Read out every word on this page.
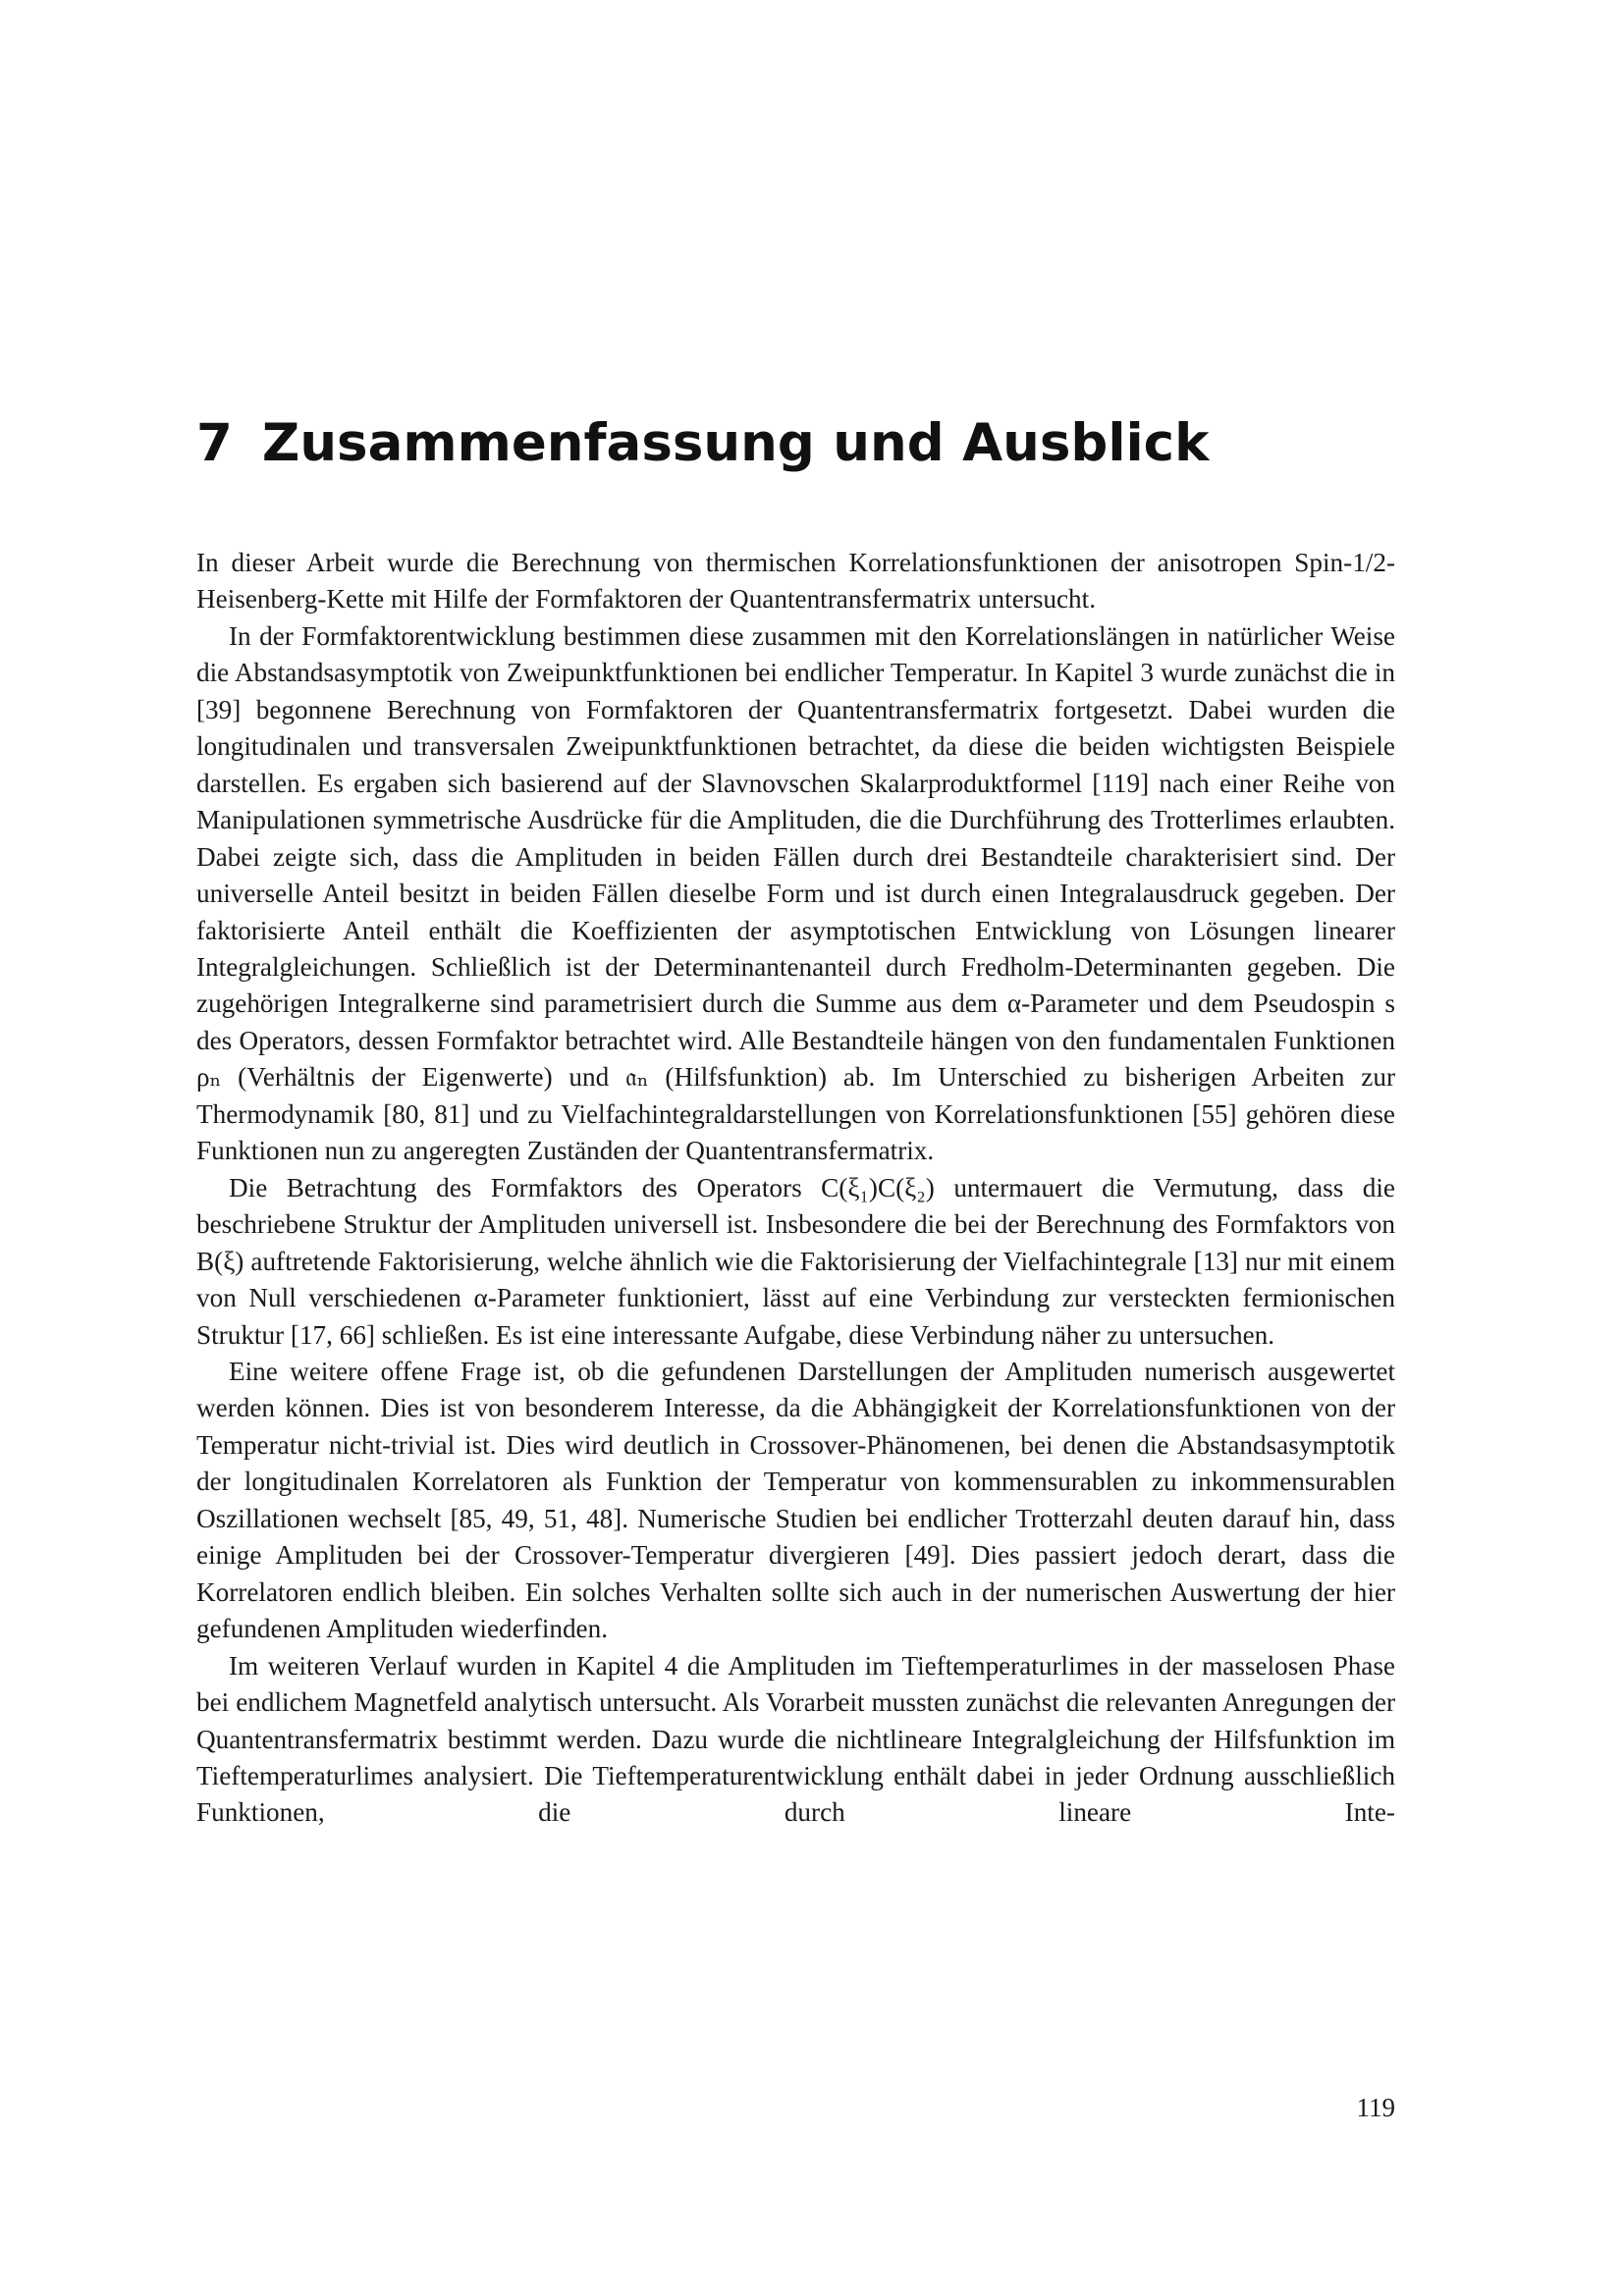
7 Zusammenfassung und Ausblick

In dieser Arbeit wurde die Berechnung von thermischen Korrelationsfunktionen der anisotropen Spin-1/2-Heisenberg-Kette mit Hilfe der Formfaktoren der Quantentransfermatrix untersucht.

In der Formfaktorentwicklung bestimmen diese zusammen mit den Korrelationslängen in natürlicher Weise die Abstandsasymptotik von Zweipunktfunktionen bei endlicher Temperatur. In Kapitel 3 wurde zunächst die in [39] begonnene Berechnung von Formfaktoren der Quantentransfermatrix fortgesetzt. Dabei wurden die longitudinalen und transversalen Zweipunktfunktionen betrachtet, da diese die beiden wichtigsten Beispiele darstellen. Es ergaben sich basierend auf der Slavnovschen Skalarproduktformel [119] nach einer Reihe von Manipulationen symmetrische Ausdrücke für die Amplituden, die die Durchführung des Trotterlimes erlaubten. Dabei zeigte sich, dass die Amplituden in beiden Fällen durch drei Bestandteile charakterisiert sind. Der universelle Anteil besitzt in beiden Fällen dieselbe Form und ist durch einen Integralausdruck gegeben. Der faktorisierte Anteil enthält die Koeffizienten der asymptotischen Entwicklung von Lösungen linearer Integralgleichungen. Schließlich ist der Determinantenanteil durch Fredholm-Determinanten gegeben. Die zugehörigen Integralkerne sind parametrisiert durch die Summe aus dem α-Parameter und dem Pseudospin s des Operators, dessen Formfaktor betrachtet wird. Alle Bestandteile hängen von den fundamentalen Funktionen ρₙ (Verhältnis der Eigenwerte) und 𝔞ₙ (Hilfsfunktion) ab. Im Unterschied zu bisherigen Arbeiten zur Thermodynamik [80, 81] und zu Vielfachintegraldarstellungen von Korrelationsfunktionen [55] gehören diese Funktionen nun zu angeregten Zuständen der Quantentransfermatrix.

Die Betrachtung des Formfaktors des Operators C(ξ₁)C(ξ₂) untermauert die Vermutung, dass die beschriebene Struktur der Amplituden universell ist. Insbesondere die bei der Berechnung des Formfaktors von B(ξ) auftretende Faktorisierung, welche ähnlich wie die Faktorisierung der Vielfachintegrale [13] nur mit einem von Null verschiedenen α-Parameter funktioniert, lässt auf eine Verbindung zur versteckten fermionischen Struktur [17, 66] schließen. Es ist eine interessante Aufgabe, diese Verbindung näher zu untersuchen.

Eine weitere offene Frage ist, ob die gefundenen Darstellungen der Amplituden numerisch ausgewertet werden können. Dies ist von besonderem Interesse, da die Abhängigkeit der Korrelationsfunktionen von der Temperatur nicht-trivial ist. Dies wird deutlich in Crossover-Phänomenen, bei denen die Abstandsasymptotik der longitudinalen Korrelatoren als Funktion der Temperatur von kommensurablen zu inkommensurablen Oszillationen wechselt [85, 49, 51, 48]. Numerische Studien bei endlicher Trotterzahl deuten darauf hin, dass einige Amplituden bei der Crossover-Temperatur divergieren [49]. Dies passiert jedoch derart, dass die Korrelatoren endlich bleiben. Ein solches Verhalten sollte sich auch in der numerischen Auswertung der hier gefundenen Amplituden wiederfinden.

Im weiteren Verlauf wurden in Kapitel 4 die Amplituden im Tieftemperaturlimes in der masselosen Phase bei endlichem Magnetfeld analytisch untersucht. Als Vorarbeit mussten zunächst die relevanten Anregungen der Quantentransfermatrix bestimmt werden. Dazu wurde die nichtlineare Integralgleichung der Hilfsfunktion im Tieftemperaturlimes analysiert. Die Tieftemperaturentwicklung enthält dabei in jeder Ordnung ausschließlich Funktionen, die durch lineare Inte-

119
